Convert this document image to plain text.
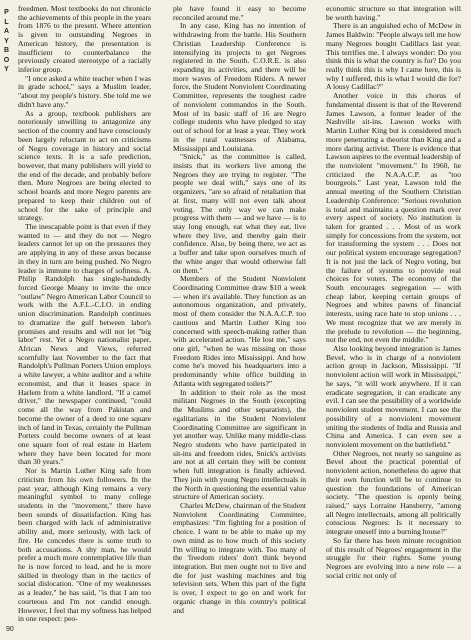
P
L
A
Y
B
O
Y

freedmen. Most textbooks do not chronicle the achievements of this people in the years from 1876 to the present. Where attention is given to outstanding Negroes in American history, the presentation is insufficient to counterbalance the previously created stereotype of a racially inferior group.

"I once asked a white teacher when I was in grade school," says a Muslim leader, "about my people's history. She told me we didn't have any."

As a group, textbook publishers are notoriously unwilling to antagonize any section of the country and have consciously been largely reluctant to act on criticisms of Negro coverage in history and social science texts. It is a safe prediction, however, that many publishers will yield to the end of the decade, and probably before then. More Negroes are being elected to school boards and more Negro parents are prepared to keep their children out of school for the sake of principle and strategy.

The inescapable point is that even if they wanted to — and they do not — Negro leaders cannot let up on the pressures they are applying in any of these areas because in they in turn are being pushed. No Negro leader is immune to charges of softness. A. Philip Randolph has single-handedly forced George Meany to invite the once "outlaw" Negro American Labor Council to work with the A.F.L.-C.I.O. in ending union discrimination. Randolph continues to dramatize the gulf between labor's promises and results and will not let "big labor" rest. Yet a Negro nationalist paper, African News and Views, referred scornfully last November to the fact that Randolph's Pullman Porters Union employs a white lawyer, a white auditor and a white economist, and that it leases space in Harlem from a white landlord. "If a camel driver," the newspaper continued, "could come all the way from Pakistan and become the owner of a deed to one square inch of land in Texas, certainly the Pullman Porters could become owners of at least one square foot of real estate in Harlem where they have been located for more than 30 years."

Nor is Martin Luther King safe from criticism from his own followers. In the past year, although King remains a very meaningful symbol to many college students in the "movement," there have been sounds of dissatisfaction. King has been charged with lack of administrative ability and, more seriously, with lack of fire. He concedes there is some truth to both accusations. A shy man, he would prefer a much more contemplative life than he is now forced to lead, and he is more skilled in theology than in the tactics of social dislocation. "One of my weaknesses as a leader," he has said, "is that I am too courteous and I'm not candid enough. However, I feel that my softness has helped in one respect: peo-

ple have found it easy to become reconciled around me."

In any case, King has no intention of withdrawing from the battle. His Southern Christian Leadership Conference is intensifying its projects to get Negroes registered in the South. C.O.R.E. is also expanding its activities, and there will be more waves of Freedom Riders. A newer force, the Student Nonviolent Coordinating Committee, represents the toughest cadre of nonviolent commandos in the South. Most of its basic staff of 16 are Negro college students who have pledged to stay out of school for at least a year. They work in the rural vastnesses of Alabama, Mississippi and Louisiana.

"Snick," as the committee is called, insists that its workers live among the Negroes they are trying to register. "The people we deal with," says one of its organizers, "are so afraid of retaliation that at first, many will not even talk about voting. The only way we can make progress with them — and we have — is to stay long enough, eat what they eat, live where they live, and thereby gain their confidence. Also, by being there, we act as a buffer and take upon ourselves much of the white anger that would otherwise fall on them."

Members of the Student Nonviolent Coordinating Committee draw $10 a week — when it's available. They function as an autonomous organization, and privately, most of them consider the N.A.A.C.P. too cautious and Martin Luther King too concerned with speech-making rather than with accelerated action. "He lost me," says one girl, "when he was missing on those Freedom Rides into Mississippi. And how come he's moved his headquarters into a predominantly white office building in Atlanta with segregated toilets?"

In addition to their role as the most militant Negroes in the South (excepting the Muslims and other separatists), the egalitarians in the Student Nonviolent Coordinating Committee are significant in yet another way. Unlike many middle-class Negro students who have participated in sit-ins and freedom rides, Snick's activists are not at all certain they will be content when full integration is finally achieved. They join with young Negro intellectuals in the North in questioning the essential value structure of American society.

Charles McDew, chairman of the Student Nonviolent Coordinating Committee, emphasizes: "I'm fighting for a position of choice. I want to be able to make up my own mind as to how much of this society I'm willing to integrate with. Too many of the 'freedom riders' don't think beyond integration. But men ought not to live and die for just washing machines and big television sets. When this part of the fight is over, I expect to go on and work for organic change in this country's political and

economic structure so that integration will be worth having."

There is an anguished echo of McDew in James Baldwin: "People always tell me how many Negroes bought Cadillacs last year. This terrifies me. I always wonder: Do you think this is what the country is for? Do you really think this is why I came here, this is why I suffered, this is what I would die for? A lousy Cadillac?"

Another voice in this chorus of fundamental dissent is that of the Reverend James Lawson, a former leader of the Nashville sit-ins. Lawson works with Martin Luther King but is considered much more penetrating a theorist than King and a more daring activist. There is evidence that Lawson aspires to the eventual leadership of the nonviolent "movement." In 1960, he criticized the N.A.A.C.P. as "too bourgeois." Last year, Lawson told the annual meeting of the Southern Christian Leadership Conference: "Serious revolution is total and maintains a question mark over every aspect of society. No institution is taken for granted . . . Most of us work simply for concessions from the system, not for transforming the system . . . Does not our political system encourage segregation? It is not just the lack of Negro voting, but the failure of systems to provide real choices for voters. The economy of the South encourages segregation — with cheap labor, keeping certain groups of Negroes and whites pawns of financial interests, using race hate to stop unions . . . We must recognize that we are merely in the prelude to revolution — the beginning, not the end, not even the middle."

Also looking beyond integration is James Bevel, who is in charge of a nonviolent action group in Jackson, Mississippi. "If nonviolent action will work in Mississippi," he says, "it will work anywhere. If it can eradicate segregation, it can eradicate any evil. I can see the possibility of a worldwide nonviolent student movement. I can see the possibility of a nonviolent movement uniting the students of India and Russia and China and America. I can even see a nonviolent movement on the battlefield."

Other Negroes, not nearly so sanguine as Bevel about the practical potential of nonviolent action, nonetheless do agree that their own function will be to continue to question the foundations of American society. "The question is openly being raised," says Lorraine Hansberry, "among all Negro intellectuals, among all politically conscious Negroes: Is it necessary to integrate oneself into a burning house?"

So far there has been minute recognition of this result of Negroes' engagement in the struggle for their rights. Some young Negroes are evolving into a new role — a social critic not only of

90
